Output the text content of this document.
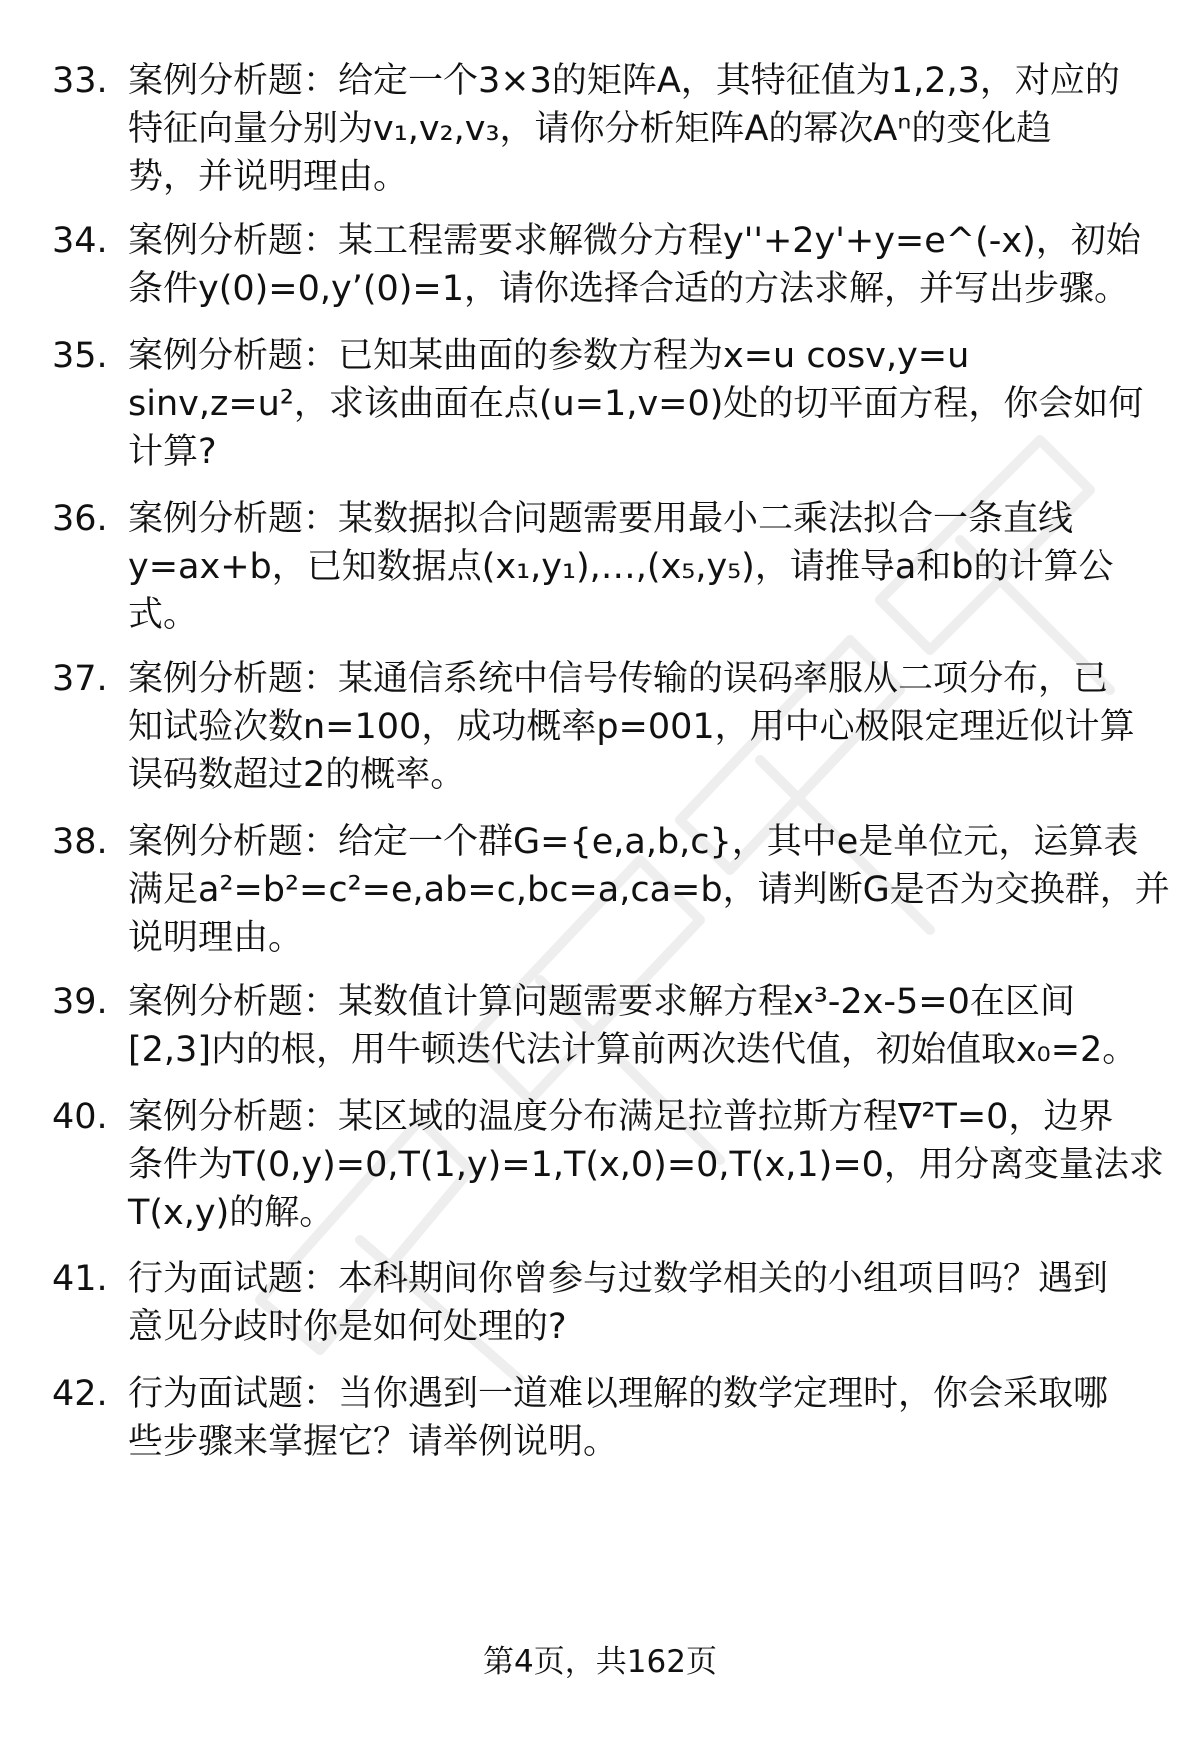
33. 案例分析题：给定一个3×3的矩阵A，其特征值为1,2,3，对应的
特征向量分别为v₁,v₂,v₃，请你分析矩阵A的幂次Aⁿ的变化趋
势，并说明理由。
34. 案例分析题：某工程需要求解微分方程y''+2y'+y=e^(-x)，初始
条件y(0)=0,y’(0)=1，请你选择合适的方法求解，并写出步骤。
35. 案例分析题：已知某曲面的参数方程为x=u cosv,y=u
sinv,z=u²，求该曲面在点(u=1,v=0)处的切平面方程，你会如何
计算?
36. 案例分析题：某数据拟合问题需要用最小二乘法拟合一条直线
y=ax+b，已知数据点(x₁,y₁),…,(x₅,y₅)，请推导a和b的计算公
式。
37. 案例分析题：某通信系统中信号传输的误码率服从二项分布，已
知试验次数n=100，成功概率p=001，用中心极限定理近似计算
误码数超过2的概率。
38. 案例分析题：给定一个群G={e,a,b,c}，其中e是单位元，运算表
满足a²=b²=c²=e,ab=c,bc=a,ca=b，请判断G是否为交换群，并
说明理由。
39. 案例分析题：某数值计算问题需要求解方程x³-2x-5=0在区间
[2,3]内的根，用牛顿迭代法计算前两次迭代值，初始值取x₀=2。
40. 案例分析题：某区域的温度分布满足拉普拉斯方程∇²T=0，边界
条件为T(0,y)=0,T(1,y)=1,T(x,0)=0,T(x,1)=0，用分离变量法求
T(x,y)的解。
41. 行为面试题：本科期间你曾参与过数学相关的小组项目吗？遇到
意见分歧时你是如何处理的?
42. 行为面试题：当你遇到一道难以理解的数学定理时，你会采取哪
些步骤来掌握它？请举例说明。
第4页，共162页
